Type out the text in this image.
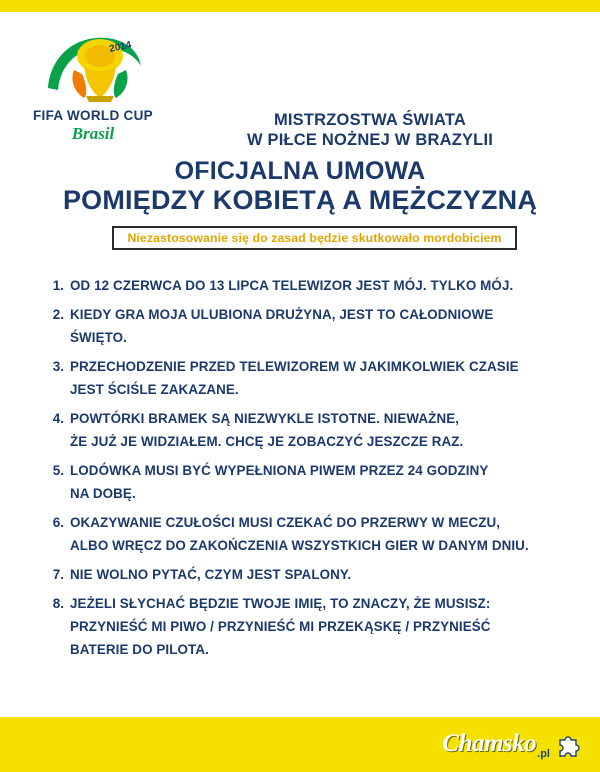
2014
FIFA WORLD CUP
Brasil
MISTRZOSTWA ŚWIATA
W PIŁCE NOŻNEJ W BRAZYLII
OFICJALNA UMOWA
POMIĘDZY KOBIETĄ A MĘŻCZYZNĄ
Niezastosowanie się do zasad będzie skutkowało mordobiciem
1. OD 12 CZERWCA DO 13 LIPCA TELEWIZOR JEST MÓJ. TYLKO MÓJ.
2. KIEDY GRA MOJA ULUBIONA DRUŻYNA, JEST TO CAŁODNIOWE
ŚWIĘTO.
3. PRZECHODZENIE PRZED TELEWIZOREM W JAKIMKOLWIEK CZASIE
JEST ŚCIŚLE ZAKAZANE.
4. POWTÓRKI BRAMEK SĄ NIEZWYKLE ISTOTNE. NIEWAŻNE,
ŻE JUŻ JE WIDZIAŁEM. CHCĘ JE ZOBACZYĆ JESZCZE RAZ.
5. LODÓWKA MUSI BYĆ WYPEŁNIONA PIWEM PRZEZ 24 GODZINY
NA DOBĘ.
6. OKAZYWANIE CZUŁOŚCI MUSI CZEKAĆ DO PRZERWY W MECZU,
ALBO WRĘCZ DO ZAKOŃCZENIA WSZYSTKICH GIER W DANYM DNIU.
7. NIE WOLNO PYTAĆ, CZYM JEST SPALONY.
8. JEŻELI SŁYCHAĆ BĘDZIE TWOJE IMIĘ, TO ZNACZY, ŻE MUSISZ:
PRZYNIEŚĆ MI PIWO / PRZYNIEŚĆ MI PRZEKĄSKĘ / PRZYNIEŚĆ
BATERIE DO PILOTA.
Chamsko .pl
